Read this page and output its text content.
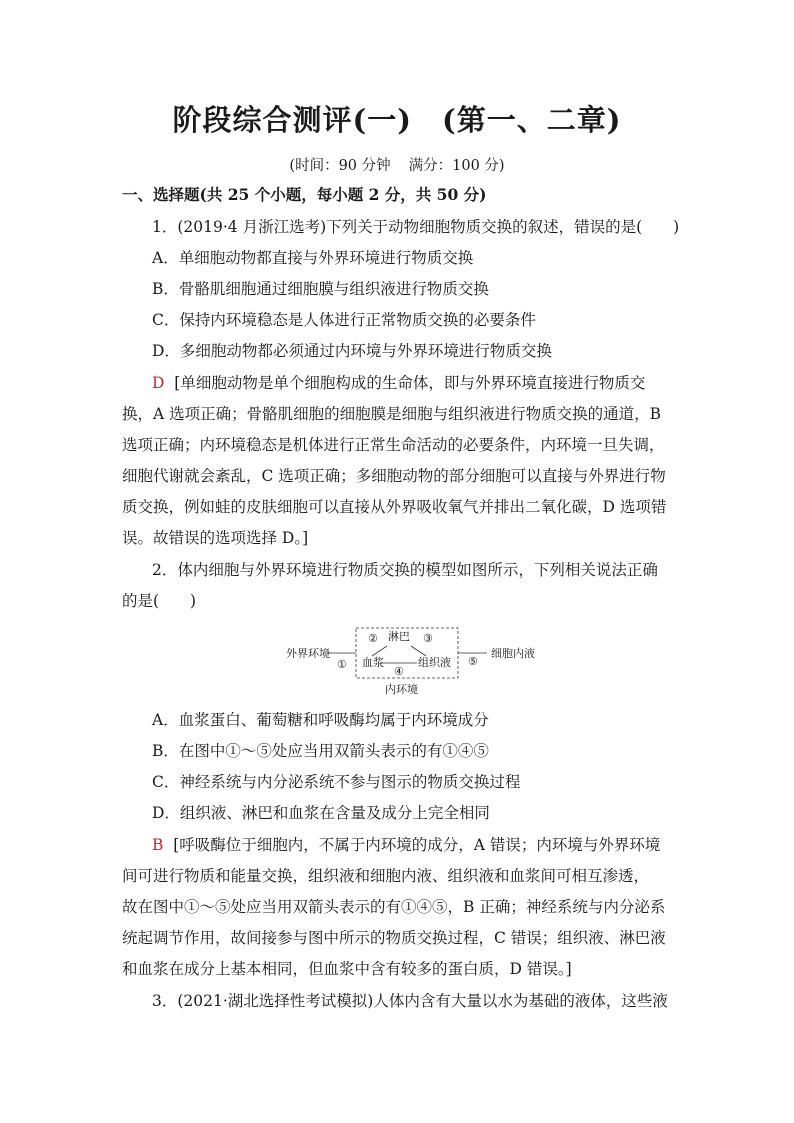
阶段综合测评(一) (第一、二章)
(时间：90 分钟 满分：100 分)
一、选择题(共 25 个小题，每小题 2 分，共 50 分)
1．(2019·4 月浙江选考)下列关于动物细胞物质交换的叙述，错误的是(　　)
A．单细胞动物都直接与外界环境进行物质交换
B．骨骼肌细胞通过细胞膜与组织液进行物质交换
C．保持内环境稳态是人体进行正常物质交换的必要条件
D．多细胞动物都必须通过内环境与外界环境进行物质交换
D [单细胞动物是单个细胞构成的生命体，即与外界环境直接进行物质交
换，A 选项正确；骨骼肌细胞的细胞膜是细胞与组织液进行物质交换的通道，B
选项正确；内环境稳态是机体进行正常生命活动的必要条件，内环境一旦失调，
细胞代谢就会紊乱，C 选项正确；多细胞动物的部分细胞可以直接与外界进行物
质交换，例如蛙的皮肤细胞可以直接从外界吸收氧气并排出二氧化碳，D 选项错
误。故错误的选项选择 D。]
2．体内细胞与外界环境进行物质交换的模型如图所示，下列相关说法正确
的是(　　)
外界环境
①
② 淋巴 ③
血浆
④
组织液 ⑤
细胞内液
内环境
A．血浆蛋白、葡萄糖和呼吸酶均属于内环境成分
B．在图中①～⑤处应当用双箭头表示的有①④⑤
C．神经系统与内分泌系统不参与图示的物质交换过程
D．组织液、淋巴和血浆在含量及成分上完全相同
B [呼吸酶位于细胞内，不属于内环境的成分，A 错误；内环境与外界环境
间可进行物质和能量交换，组织液和细胞内液、组织液和血浆间可相互渗透，
故在图中①～⑤处应当用双箭头表示的有①④⑤，B 正确；神经系统与内分泌系
统起调节作用，故间接参与图中所示的物质交换过程，C 错误；组织液、淋巴液
和血浆在成分上基本相同，但血浆中含有较多的蛋白质，D 错误。]
3．(2021·湖北选择性考试模拟)人体内含有大量以水为基础的液体，这些液
